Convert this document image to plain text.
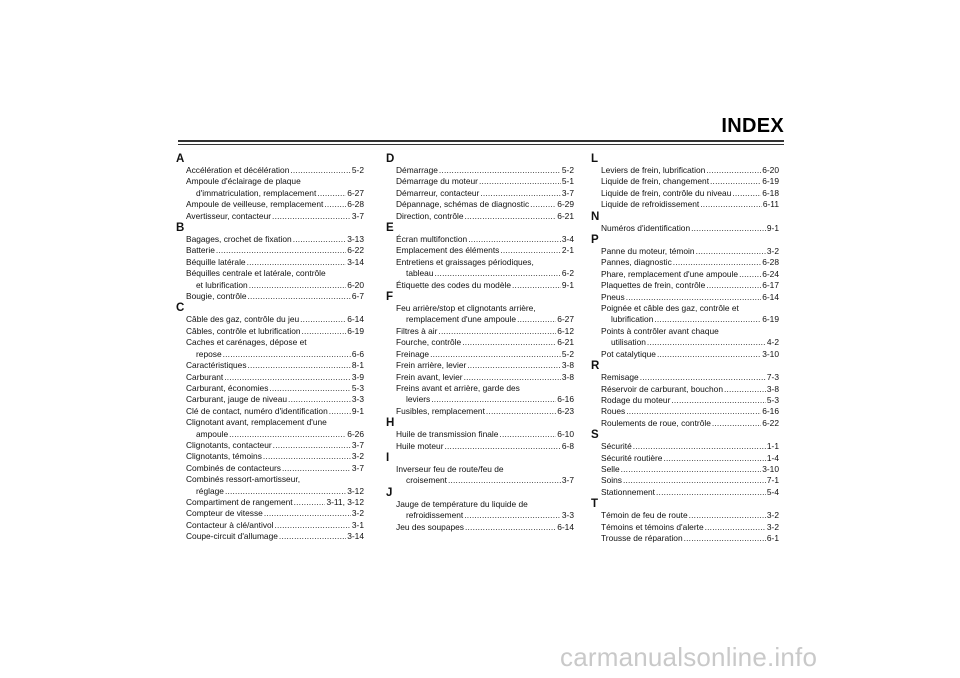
INDEX
A
Accélération et décélération .....	5-2
Ampoule d'éclairage de plaque
d'immatriculation, remplacement .....	6-27
Ampoule de veilleuse, remplacement .....	6-28
Avertisseur, contacteur .....	3-7
B
Bagages, crochet de fixation .....	3-13
Batterie .....	6-22
Béquille latérale .....	3-14
Béquilles centrale et latérale, contrôle
et lubrification .....	6-20
Bougie, contrôle .....	6-7
C
Câble des gaz, contrôle du jeu .....	6-14
Câbles, contrôle et lubrification .....	6-19
Caches et carénages, dépose et
repose .....	6-6
Caractéristiques .....	8-1
Carburant .....	3-9
Carburant, économies .....	5-3
Carburant, jauge de niveau .....	3-3
Clé de contact, numéro d'identification .....	9-1
Clignotant avant, remplacement d'une
ampoule .....	6-26
Clignotants, contacteur .....	3-7
Clignotants, témoins .....	3-2
Combinés de contacteurs .....	3-7
Combinés ressort-amortisseur,
réglage .....	3-12
Compartiment de rangement .....	3-11, 3-12
Compteur de vitesse .....	3-2
Contacteur à clé/antivol .....	3-1
Coupe-circuit d'allumage .....	3-14
D
Démarrage .....	5-2
Démarrage du moteur .....	5-1
Démarreur, contacteur .....	3-7
Dépannage, schémas de diagnostic .....	6-29
Direction, contrôle .....	6-21
E
Écran multifonction .....	3-4
Emplacement des éléments .....	2-1
Entretiens et graissages périodiques,
tableau .....	6-2
Étiquette des codes du modèle .....	9-1
F
Feu arrière/stop et clignotants arrière,
remplacement d'une ampoule .....	6-27
Filtres à air .....	6-12
Fourche, contrôle .....	6-21
Freinage .....	5-2
Frein arrière, levier .....	3-8
Frein avant, levier .....	3-8
Freins avant et arrière, garde des
leviers .....	6-16
Fusibles, remplacement .....	6-23
H
Huile de transmission finale .....	6-10
Huile moteur .....	6-8
I
Inverseur feu de route/feu de
croisement .....	3-7
J
Jauge de température du liquide de
refroidissement .....	3-3
Jeu des soupapes .....	6-14
L
Leviers de frein, lubrification .....	6-20
Liquide de frein, changement .....	6-19
Liquide de frein, contrôle du niveau .....	6-18
Liquide de refroidissement .....	6-11
N
Numéros d'identification .....	9-1
P
Panne du moteur, témoin .....	3-2
Pannes, diagnostic .....	6-28
Phare, remplacement d'une ampoule .....	6-24
Plaquettes de frein, contrôle .....	6-17
Pneus .....	6-14
Poignée et câble des gaz, contrôle et
lubrification .....	6-19
Points à contrôler avant chaque
utilisation .....	4-2
Pot catalytique .....	3-10
R
Remisage .....	7-3
Réservoir de carburant, bouchon .....	3-8
Rodage du moteur .....	5-3
Roues .....	6-16
Roulements de roue, contrôle .....	6-22
S
Sécurité .....	1-1
Sécurité routière .....	1-4
Selle .....	3-10
Soins .....	7-1
Stationnement .....	5-4
T
Témoin de feu de route .....	3-2
Témoins et témoins d'alerte .....	3-2
Trousse de réparation .....	6-1
carmanualsonline.info
